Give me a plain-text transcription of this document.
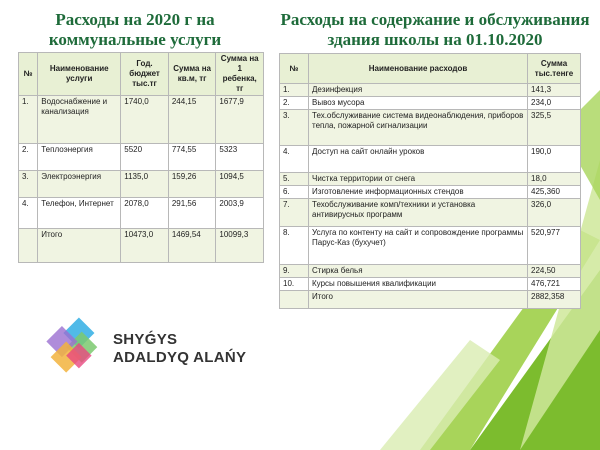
Расходы на 2020 г на коммунальные услуги
Расходы на содержание и обслуживания здания школы на 01.10.2020
№	Наименование услуги	Год. бюджет тыс.тг	Сумма на кв.м, тг	Сумма на 1 ребенка, тг
1.	Водоснабжение и канализация	1740,0	244,15	1677,9
2.	Теплоэнергия	5520	774,55	5323
3.	Электроэнергия	1135,0	159,26	1094,5
4.	Телефон, Интернет	2078,0	291,56	2003,9
	Итого	10473,0	1469,54	10099,3
№	Наименование расходов	Сумма тыс.тенге
1.	Дезинфекция	141,3
2.	Вывоз мусора	234,0
3.	Тех.обслуживание система видеонаблюдения, приборов тепла, пожарной сигнализации	325,5
4.	Доступ на сайт онлайн уроков	190,0
5.	Чистка территории от снега	18,0
6.	Изготовление информационных стендов	425,360
7.	Техобслуживание комп/техники и установка антивирусных программ	326,0
8.	Услуга по контенту на сайт и сопровождение программы Парус-Каз (бухучет)	520,977
9.	Стирка белья	224,50
10.	Курсы повышения квалификации	476,721
	Итого	2882,358
SHYǴYS
ADALDYQ ALAŃY
